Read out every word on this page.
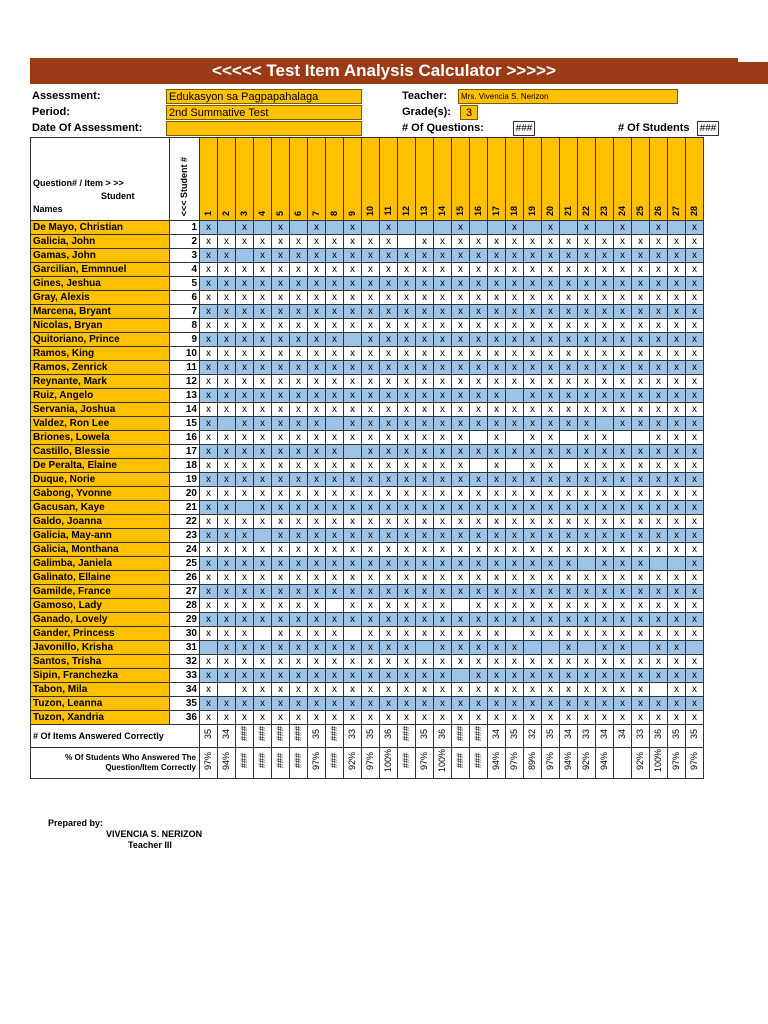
<<<<< Test Item Analysis Calculator >>>>>
Assessment:	Edukasyon sa Pagpapahalaga
Period:	2nd Summative Test
Date Of Assessment:
Teacher:	Mrs. Vivencia S. Nerizon
Grade(s):	3
# Of Questions:	###	# Of Students ###
Question# / Item > >>
Student
Names	<<< Student #	1	2	3	4	5	6	7	8	9	10	11	12	13	14	15	16	17	18	19	20	21	22	23	24	25	26	27	28
De Mayo, Christian	1	x		x		x		x		x		x				x			x		x		x		x		x		x
Galicia, John	2	x	x	x	x	x	x	x	x	x	x	x		x	x	x	x	x	x	x	x	x	x	x	x	x	x	x	x
Gamas, John	3	x	x		x	x	x	x	x	x	x	x	x	x	x	x	x	x	x	x	x	x	x	x	x	x	x	x	x
Garcilian, Emmnuel	4	x	x	x	x	x	x	x	x	x	x	x	x	x	x	x	x	x	x	x	x	x	x	x	x	x	x	x	x
Gines, Jeshua	5	x	x	x	x	x	x	x	x	x	x	x	x	x	x	x	x	x	x	x	x	x	x	x	x	x	x	x	x
Gray, Alexis	6	x	x	x	x	x	x	x	x	x	x	x	x	x	x	x	x	x	x	x	x	x	x	x	x	x	x	x	x
Marcena, Bryant	7	x	x	x	x	x	x	x	x	x	x	x	x	x	x	x	x	x	x	x	x	x	x	x	x	x	x	x	x
Nicolas, Bryan	8	x	x	x	x	x	x	x	x	x	x	x	x	x	x	x	x	x	x	x	x	x	x	x	x	x	x	x	x
Quitoriano, Prince	9	x	x	x	x	x	x	x	x		x	x	x	x	x	x	x	x	x	x	x	x	x	x	x	x	x	x	x
Ramos, King	10	x	x	x	x	x	x	x	x	x	x	x	x	x	x	x	x	x	x	x	x	x	x	x	x	x	x	x	x
Ramos, Zenrick	11	x	x	x	x	x	x	x	x	x	x	x	x	x	x	x	x	x	x	x	x	x	x	x	x	x	x	x	x
Reynante, Mark	12	x	x	x	x	x	x	x	x	x	x	x	x	x	x	x	x	x	x	x	x	x	x	x	x	x	x	x	x
Ruiz, Angelo	13	x	x	x	x	x	x	x	x	x	x	x	x	x	x	x	x	x		x	x	x	x	x	x	x	x	x	x
Servania, Joshua	14	x	x	x	x	x	x	x	x	x	x	x	x	x	x	x	x	x	x	x	x	x	x	x	x	x	x	x	x
Valdez, Ron Lee	15	x		x	x	x	x	x		x	x	x	x	x	x	x	x	x	x	x	x	x	x		x	x	x	x	x
Briones, Lowela	16	x	x	x	x	x	x	x	x	x	x	x	x	x	x	x		x		x	x		x	x			x	x	x
Castillo, Blessie	17	x	x	x	x	x	x	x	x		x	x	x	x	x	x	x	x	x	x	x	x	x	x	x	x	x	x	x
De Peralta, Elaine	18	x	x	x	x	x	x	x	x	x	x	x	x	x	x	x		x		x	x		x	x	x	x	x	x	x
Duque, Norie	19	x	x	x	x	x	x	x	x	x	x	x	x	x	x	x	x	x	x	x	x	x	x	x	x	x	x	x	x
Gabong, Yvonne	20	x	x	x	x	x	x	x	x	x	x	x	x	x	x	x	x	x	x	x	x	x	x	x	x	x	x	x	x
Gacusan, Kaye	21	x	x		x	x	x	x	x	x	x	x	x	x	x	x	x	x	x	x	x	x	x	x	x	x	x	x	x
Galdo, Joanna	22	x	x	x	x	x	x	x	x	x	x	x	x	x	x	x	x	x	x	x	x	x	x	x	x	x	x	x	x
Galicia, May-ann	23	x	x	x		x	x	x	x	x	x	x	x	x	x	x	x	x	x	x	x	x	x	x	x	x	x	x	x
Galicia, Monthana	24	x	x	x	x	x	x	x	x	x	x	x	x	x	x	x	x	x	x	x	x	x	x	x	x	x	x	x	x
Galimba, Janiela	25	x	x	x	x	x	x	x	x	x	x	x	x	x	x	x	x	x	x	x	x	x		x	x	x			x
Galinato, Ellaine	26	x	x	x	x	x	x	x	x	x	x	x	x	x	x	x	x	x	x	x	x	x	x	x	x	x	x	x	x
Gamilde, France	27	x	x	x	x	x	x	x	x	x	x	x	x	x	x	x	x	x	x	x	x	x	x	x	x	x	x	x	x
Gamoso, Lady	28	x	x	x	x	x	x	x		x	x	x	x	x	x		x	x	x	x	x	x	x	x	x	x	x	x	x
Ganado, Lovely	29	x	x	x	x	x	x	x	x	x	x	x	x	x	x	x	x	x	x	x	x	x	x	x	x	x	x	x	x
Gander, Princess	30	x	x	x		x	x	x	x		x	x	x	x	x	x	x	x		x	x	x	x	x	x	x	x	x	x
Javonillo, Krisha	31		x	x	x	x	x	x	x	x	x	x	x		x	x	x	x	x			x		x	x		x	x	
Santos, Trisha	32	x	x	x	x	x	x	x	x	x	x	x	x	x	x	x	x	x	x	x	x	x	x	x	x	x	x	x	x
Sipin, Franchezka	33	x	x	x	x	x	x	x	x	x	x	x	x	x	x		x	x	x	x	x	x	x	x	x	x	x	x	x
Tabon, Mila	34	x		x	x	x	x	x	x	x	x	x	x	x	x	x	x	x	x	x	x	x	x	x	x	x		x	x
Tuzon, Leanna	35	x	x	x	x	x	x	x	x	x	x	x	x	x	x	x	x	x	x	x	x	x	x	x	x	x	x	x	x
Tuzon, Xandria	36	x	x	x	x	x	x	x	x	x	x	x	x	x	x	x	x	x	x	x	x	x	x	x	x	x	x	x	x
# Of Items Answered Correctly		35	34	###	###	###	###	35	###	33	35	36	###	35	36	###	###	34	35	32	35	34	33	34	34	33	36	35	35
% Of Students Who Answered The Question/Item Correctly		97%	94%	###	###	###	###	97%	###	92%	97%	100%	###	97%	100%	###	###	94%	97%	89%	97%	94%	92%	94%		92%	100%	97%	97%
Prepared by:
VIVENCIA S. NERIZON
Teacher III
